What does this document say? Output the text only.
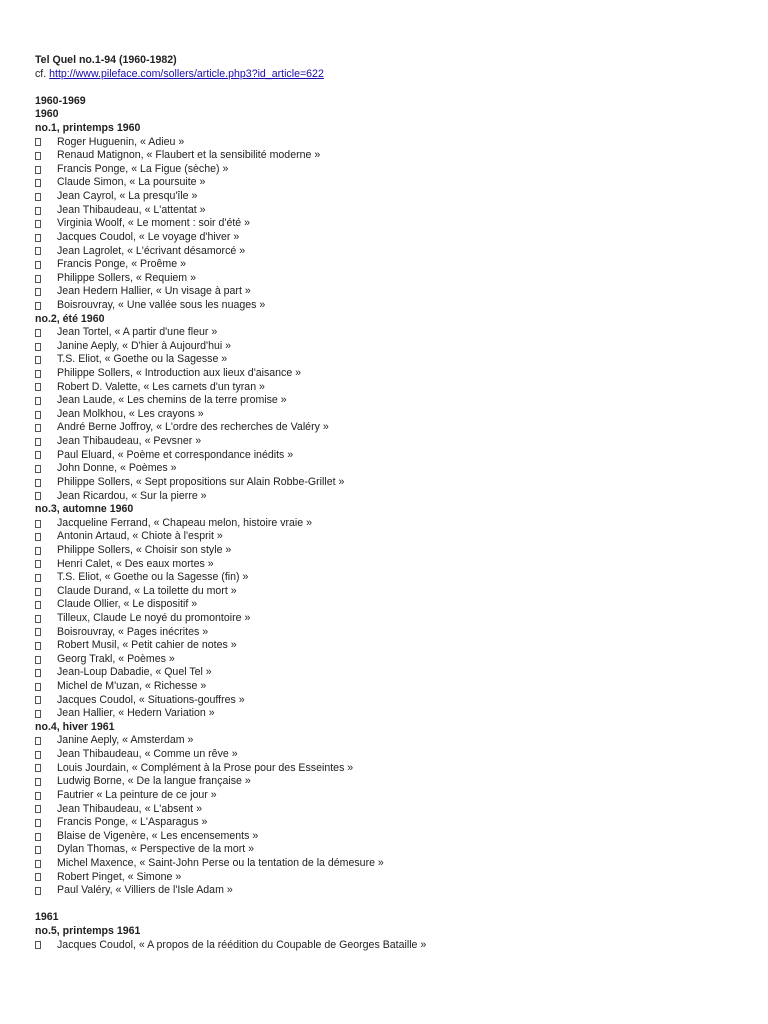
Tel Quel no.1-94 (1960-1982)
cf. http://www.pileface.com/sollers/article.php3?id_article=622
1960-1969
1960
no.1, printemps 1960
Roger Huguenin, « Adieu »
Renaud Matignon, « Flaubert et la sensibilité moderne »
Francis Ponge, « La Figue (sèche) »
Claude Simon, « La poursuite »
Jean Cayrol, « La presqu'île »
Jean Thibaudeau, « L'attentat »
Virginia Woolf, « Le moment : soir d'été »
Jacques Coudol, « Le voyage d'hiver »
Jean Lagrolet, « L'écrivant désamorcé »
Francis Ponge, « Proême »
Philippe Sollers, « Requiem »
Jean Hedern Hallier, « Un visage à part »
Boisrouvray, « Une vallée sous les nuages »
no.2, été 1960
Jean Tortel, « A partir d'une fleur »
Janine Aeply, « D'hier à Aujourd'hui »
T.S. Eliot, « Goethe ou la Sagesse »
Philippe Sollers, « Introduction aux lieux d'aisance »
Robert D. Valette, « Les carnets d'un tyran »
Jean Laude, « Les chemins de la terre promise »
Jean Molkhou, « Les crayons »
André Berne Joffroy, « L'ordre des recherches de Valéry »
Jean Thibaudeau, « Pevsner »
Paul Eluard, « Poème et correspondance inédits »
John Donne, « Poèmes »
Philippe Sollers, « Sept propositions sur Alain Robbe-Grillet »
Jean Ricardou, « Sur la pierre »
no.3, automne 1960
Jacqueline Ferrand, « Chapeau melon, histoire vraie »
Antonin Artaud, « Chiote à l'esprit »
Philippe Sollers, « Choisir son style »
Henri Calet, « Des eaux mortes »
T.S. Eliot, « Goethe ou la Sagesse (fin) »
Claude Durand, « La toilette du mort »
Claude Ollier, « Le dispositif »
Tilleux, Claude Le noyé du promontoire »
Boisrouvray, « Pages inécrites »
Robert Musil, « Petit cahier de notes »
Georg Trakl, « Poèmes »
Jean-Loup Dabadie, « Quel Tel »
Michel de M'uzan, « Richesse »
Jacques Coudol, « Situations-gouffres »
Jean Hallier, « Hedern Variation »
no.4, hiver 1961
Janine Aeply, « Amsterdam »
Jean Thibaudeau, « Comme un rêve »
Louis Jourdain, « Complément à la Prose pour des Esseintes »
Ludwig Borne, « De la langue française »
Fautrier « La peinture de ce jour »
Jean Thibaudeau, « L'absent »
Francis Ponge, « L'Asparagus »
Blaise de Vigenère, « Les encensements »
Dylan Thomas, « Perspective de la mort »
Michel Maxence, « Saint-John Perse ou la tentation de la démesure »
Robert Pinget, « Simone »
Paul Valéry, « Villiers de l'Isle Adam »
1961
no.5, printemps 1961
Jacques Coudol, « A propos de la réédition du Coupable de Georges Bataille »
